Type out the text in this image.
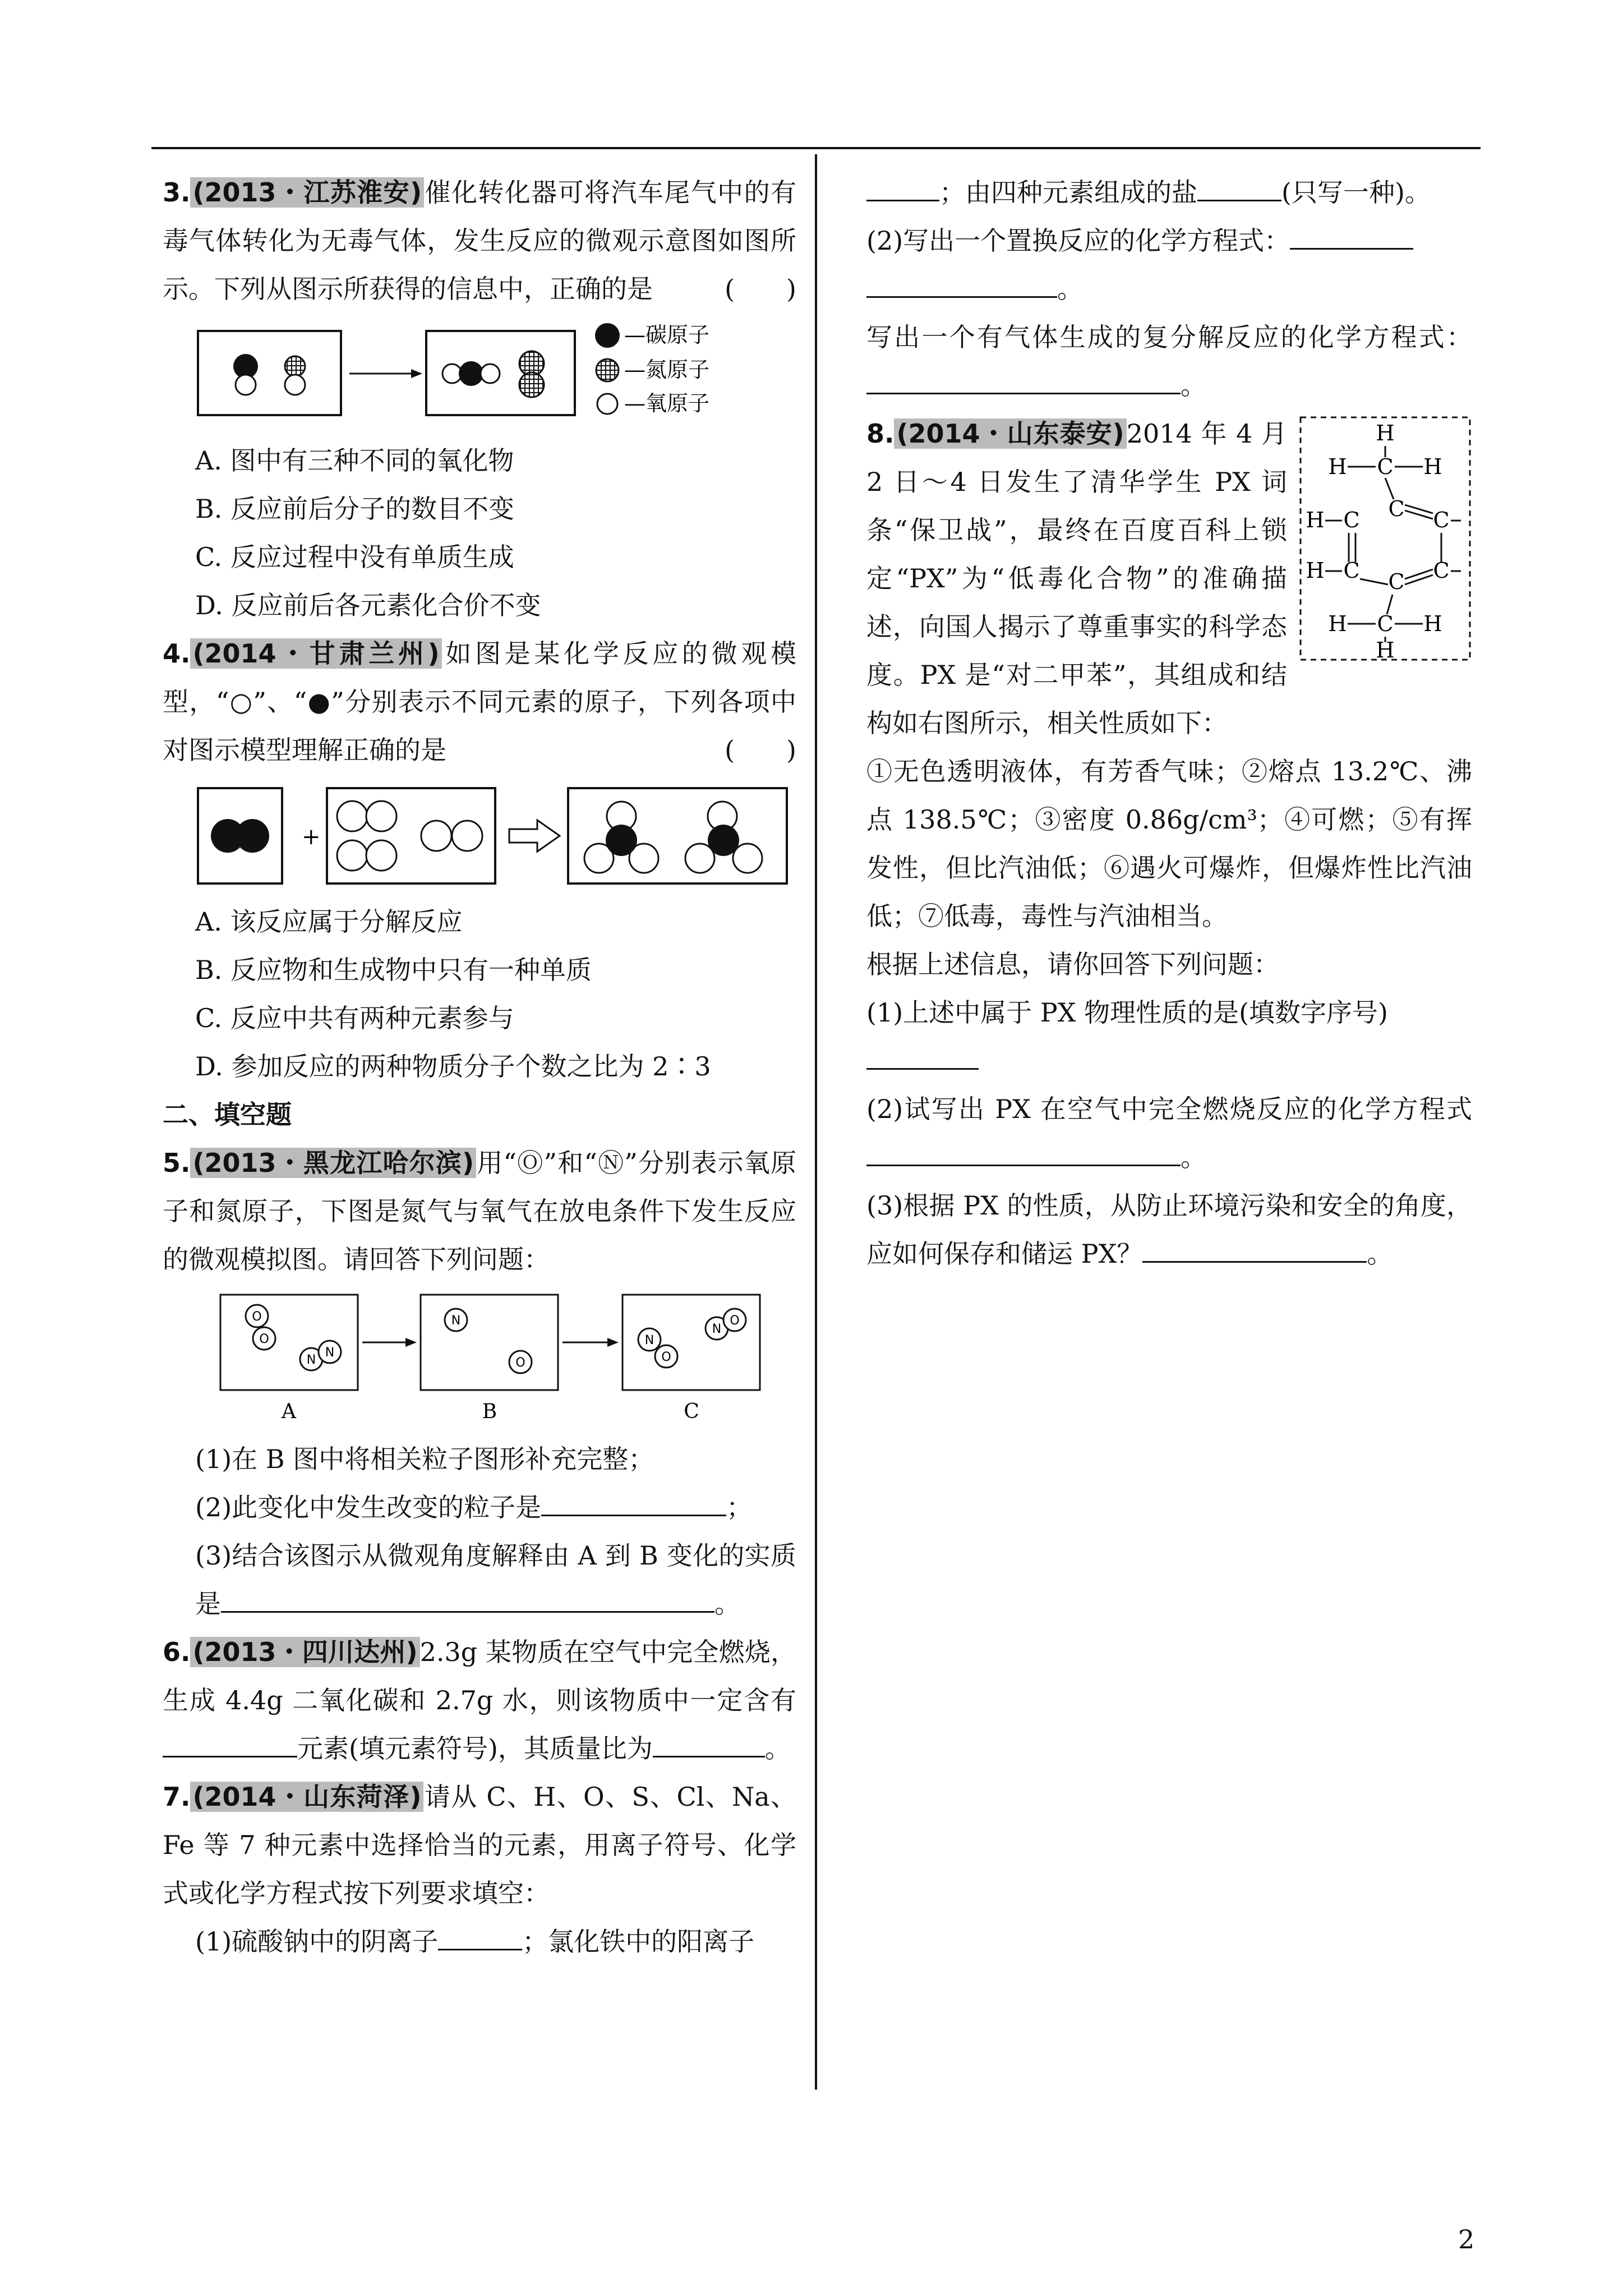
3.(2013・江苏淮安)催化转化器可将汽车尾气中的有毒气体转化为无毒气体，发生反应的微观示意图如图所示。下列从图示所获得的信息中，正确的是	(　　)

—碳原子
—氮原子
—氧原子

A. 图中有三种不同的氧化物

B. 反应前后分子的数目不变

C. 反应过程中没有单质生成

D. 反应前后各元素化合价不变

4.(2014・甘肃兰州)如图是某化学反应的微观模型，“○”、“●”分别表示不同元素的原子，下列各项中对图示模型理解正确的是	(　　)

+

A. 该反应属于分解反应

B. 反应物和生成物中只有一种单质

C. 反应中共有两种元素参与

D. 参加反应的两种物质分子个数之比为 2∶3

二、填空题

5.(2013・黑龙江哈尔滨)用“Ⓞ”和“Ⓝ”分别表示氧原子和氮原子，下图是氮气与氧气在放电条件下发生反应的微观模拟图。请回答下列问题：

O
O
N
N
N
O
N
O
N
O
A	B	C

(1)在 B 图中将相关粒子图形补充完整；

(2)此变化中发生改变的粒子是	；

(3)结合该图示从微观角度解释由 A 到 B 变化的实质是	。

6.(2013・四川达州)2.3g 某物质在空气中完全燃烧，生成 4.4g 二氧化碳和 2.7g 水，则该物质中一定含有元素(填元素符号)，其质量比为	。

7.(2014・山东菏泽)请从 C、H、O、S、Cl、Na、Fe 等 7 种元素中选择恰当的元素，用离子符号、化学式或化学方程式按下列要求填空：

(1)硫酸钠中的阴离子	；氯化铁中的阳离子

；由四种元素组成的盐	(只写一种)。

(2)写出一个置换反应的化学方程式：
。

写出一个有气体生成的复分解反应的化学方程式：。

H
H C H
H C C C
H C C C
H C H
H

8.(2014・山东泰安)2014 年 4 月 2 日～4 日发生了清华学生 PX 词条“保卫战”，最终在百度百科上锁定“PX”为“低毒化合物”的准确描述，向国人揭示了尊重事实的科学态度。PX 是“对二甲苯”，其组成和结构如右图所示，相关性质如下：

①无色透明液体，有芳香气味；②熔点 13.2℃、沸点 138.5℃；③密度 0.86g/cm³；④可燃；⑤有挥发性，但比汽油低；⑥遇火可爆炸，但爆炸性比汽油低；⑦低毒，毒性与汽油相当。

根据上述信息，请你回答下列问题：

(1)上述中属于 PX 物理性质的是(填数字序号)

(2)试写出 PX 在空气中完全燃烧反应的化学方程式。

(3)根据 PX 的性质，从防止环境污染和安全的角度，应如何保存和储运 PX？	。

2
